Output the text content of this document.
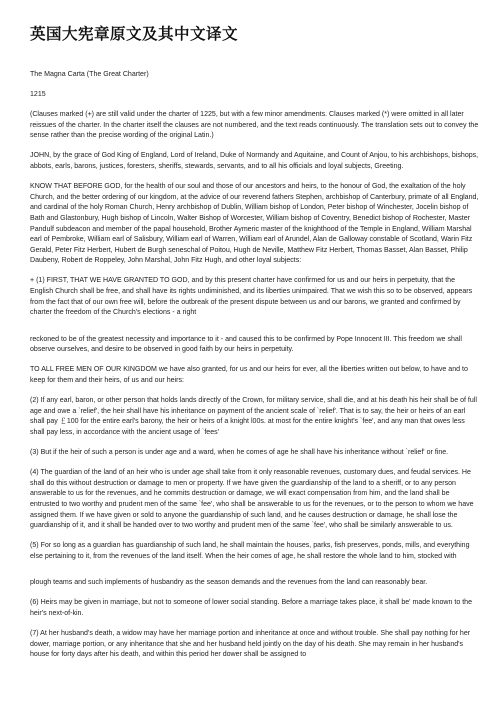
英国大宪章原文及其中文译文

The Magna Carta (The Great Charter)

1215

(Clauses marked (+) are still valid under the charter of 1225, but with a few minor amendments. Clauses marked (*) were omitted in all later reissues of the charter. In the charter itself the clauses are not numbered, and the text reads continuously. The translation sets out to convey the sense rather than the precise wording of the original Latin.)

JOHN, by the grace of God King of England, Lord of Ireland, Duke of Normandy and Aquitaine, and Count of Anjou, to his archbishops, bishops, abbots, earls, barons, justices, foresters, sheriffs, stewards, servants, and to all his officials and loyal subjects, Greeting.

KNOW THAT BEFORE GOD, for the health of our soul and those of our ancestors and heirs, to the honour of God, the exaltation of the holy Church, and the better ordering of our kingdom, at the advice of our reverend fathers Stephen, archbishop of Canterbury, primate of all England, and cardinal of the holy Roman Church, Henry archbishop of Dublin, William bishop of London, Peter bishop of Winchester, Jocelin bishop of Bath and Glastonbury, Hugh bishop of Lincoln, Walter Bishop of Worcester, William bishop of Coventry, Benedict bishop of Rochester, Master Pandulf subdeacon and member of the papal household, Brother Aymeric master of the knighthood of the Temple in England, William Marshal earl of Pembroke, William earl of Salisbury, William earl of Warren, William earl of Arundel, Alan de Galloway constable of Scotland, Warin Fitz Gerald, Peter Fitz Herbert, Hubert de Burgh seneschal of Poitou, Hugh de Neville, Matthew Fitz Herbert, Thomas Basset, Alan Basset, Philip Daubeny, Robert de Roppeley, John Marshal, John Fitz Hugh, and other loyal subjects:

+ (1) FIRST, THAT WE HAVE GRANTED TO GOD, and by this present charter have confirmed for us and our heirs in perpetuity, that the English Church shall be free, and shall have its rights undiminished, and its liberties unimpaired. That we wish this so to be observed, appears from the fact that of our own free will, before the outbreak of the present dispute between us and our barons, we granted and confirmed by charter the freedom of the Church's elections - a right

reckoned to be of the greatest necessity and importance to it - and caused this to be confirmed by Pope Innocent III. This freedom we shall observe ourselves, and desire to be observed in good faith by our heirs in perpetuity.

TO ALL FREE MEN OF OUR KINGDOM we have also granted, for us and our heirs for ever, all the liberties written out below, to have and to keep for them and their heirs, of us and our heirs:

(2) If any earl, baron, or other person that holds lands directly of the Crown, for military service, shall die, and at his death his heir shall be of full age and owe a `relief', the heir shall have his inheritance on payment of the ancient scale of `relief'. That is to say, the heir or heirs of an earl shall pay ￡100 for the entire earl's barony, the heir or heirs of a knight l00s. at most for the entire knight's `fee', and any man that owes less shall pay less, in accordance with the ancient usage of `fees'

(3) But if the heir of such a person is under age and a ward, when he comes of age he shall have his inheritance without `relief' or fine.

(4) The guardian of the land of an heir who is under age shall take from it only reasonable revenues, customary dues, and feudal services. He shall do this without destruction or damage to men or property. If we have given the guardianship of the land to a sheriff, or to any person answerable to us for the revenues, and he commits destruction or damage, we will exact compensation from him, and the land shall be entrusted to two worthy and prudent men of the same `fee', who shall be answerable to us for the revenues, or to the person to whom we have assigned them. If we have given or sold to anyone the guardianship of such land, and he causes destruction or damage, he shall lose the guardianship of it, and it shall be handed over to two worthy and prudent men of the same `fee', who shall be similarly answerable to us.

(5) For so long as a guardian has guardianship of such land, he shall maintain the houses, parks, fish preserves, ponds, mills, and everything else pertaining to it, from the revenues of the land itself. When the heir comes of age, he shall restore the whole land to him, stocked with

plough teams and such implements of husbandry as the season demands and the revenues from the land can reasonably bear.

(6) Heirs may be given in marriage, but not to someone of lower social standing. Before a marriage takes place, it shall be' made known to the heir's next-of-kin.

(7) At her husband's death, a widow may have her marriage portion and inheritance at once and without trouble. She shall pay nothing for her dower, marriage portion, or any inheritance that she and her husband held jointly on the day of his death. She may remain in her husband's house for forty days after his death, and within this period her dower shall be assigned to
